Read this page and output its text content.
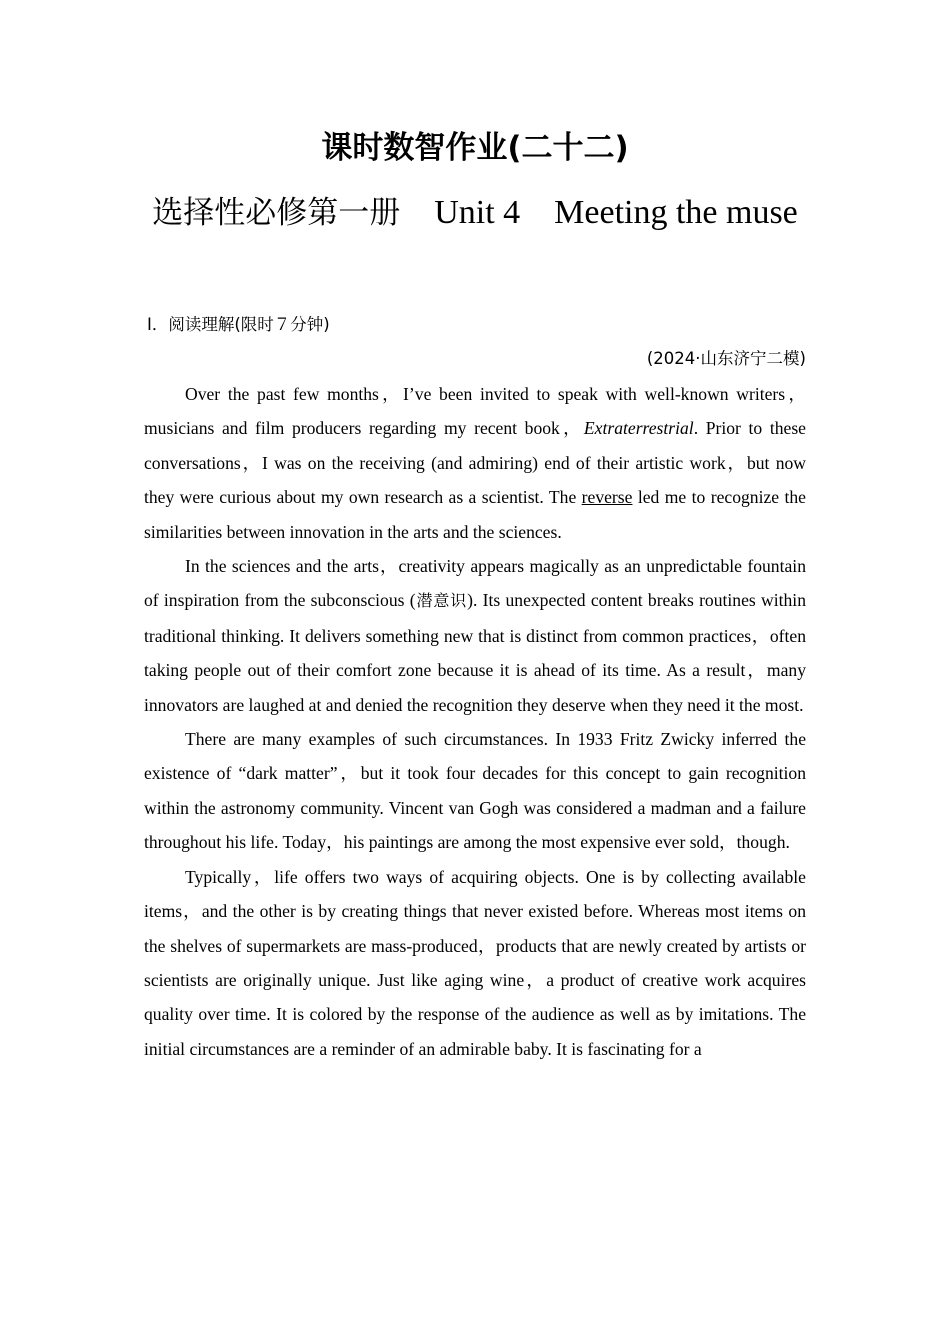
课时数智作业(二十二)
选择性必修第一册 Unit 4 Meeting the muse
Ⅰ．阅读理解(限时７分钟)
(2024·山东济宁二模)

Over the past few months，I’ve been invited to speak with well-known writers，musicians and film producers regarding my recent book，Extraterrestrial. Prior to these conversations，I was on the receiving (and admiring) end of their artistic work，but now they were curious about my own research as a scientist. The reverse led me to recognize the similarities between innovation in the arts and the sciences.

In the sciences and the arts，creativity appears magically as an unpredictable fountain of inspiration from the subconscious (潜意识). Its unexpected content breaks routines within traditional thinking. It delivers something new that is distinct from common practices，often taking people out of their comfort zone because it is ahead of its time. As a result，many innovators are laughed at and denied the recognition they deserve when they need it the most.

There are many examples of such circumstances. In 1933 Fritz Zwicky inferred the existence of “dark matter”，but it took four decades for this concept to gain recognition within the astronomy community. Vincent van Gogh was considered a madman and a failure throughout his life. Today，his paintings are among the most expensive ever sold，though.

Typically，life offers two ways of acquiring objects. One is by collecting available items，and the other is by creating things that never existed before. Whereas most items on the shelves of supermarkets are mass-produced，products that are newly created by artists or scientists are originally unique. Just like aging wine，a product of creative work acquires quality over time. It is colored by the response of the audience as well as by imitations. The initial circumstances are a reminder of an admirable baby. It is fascinating for a
